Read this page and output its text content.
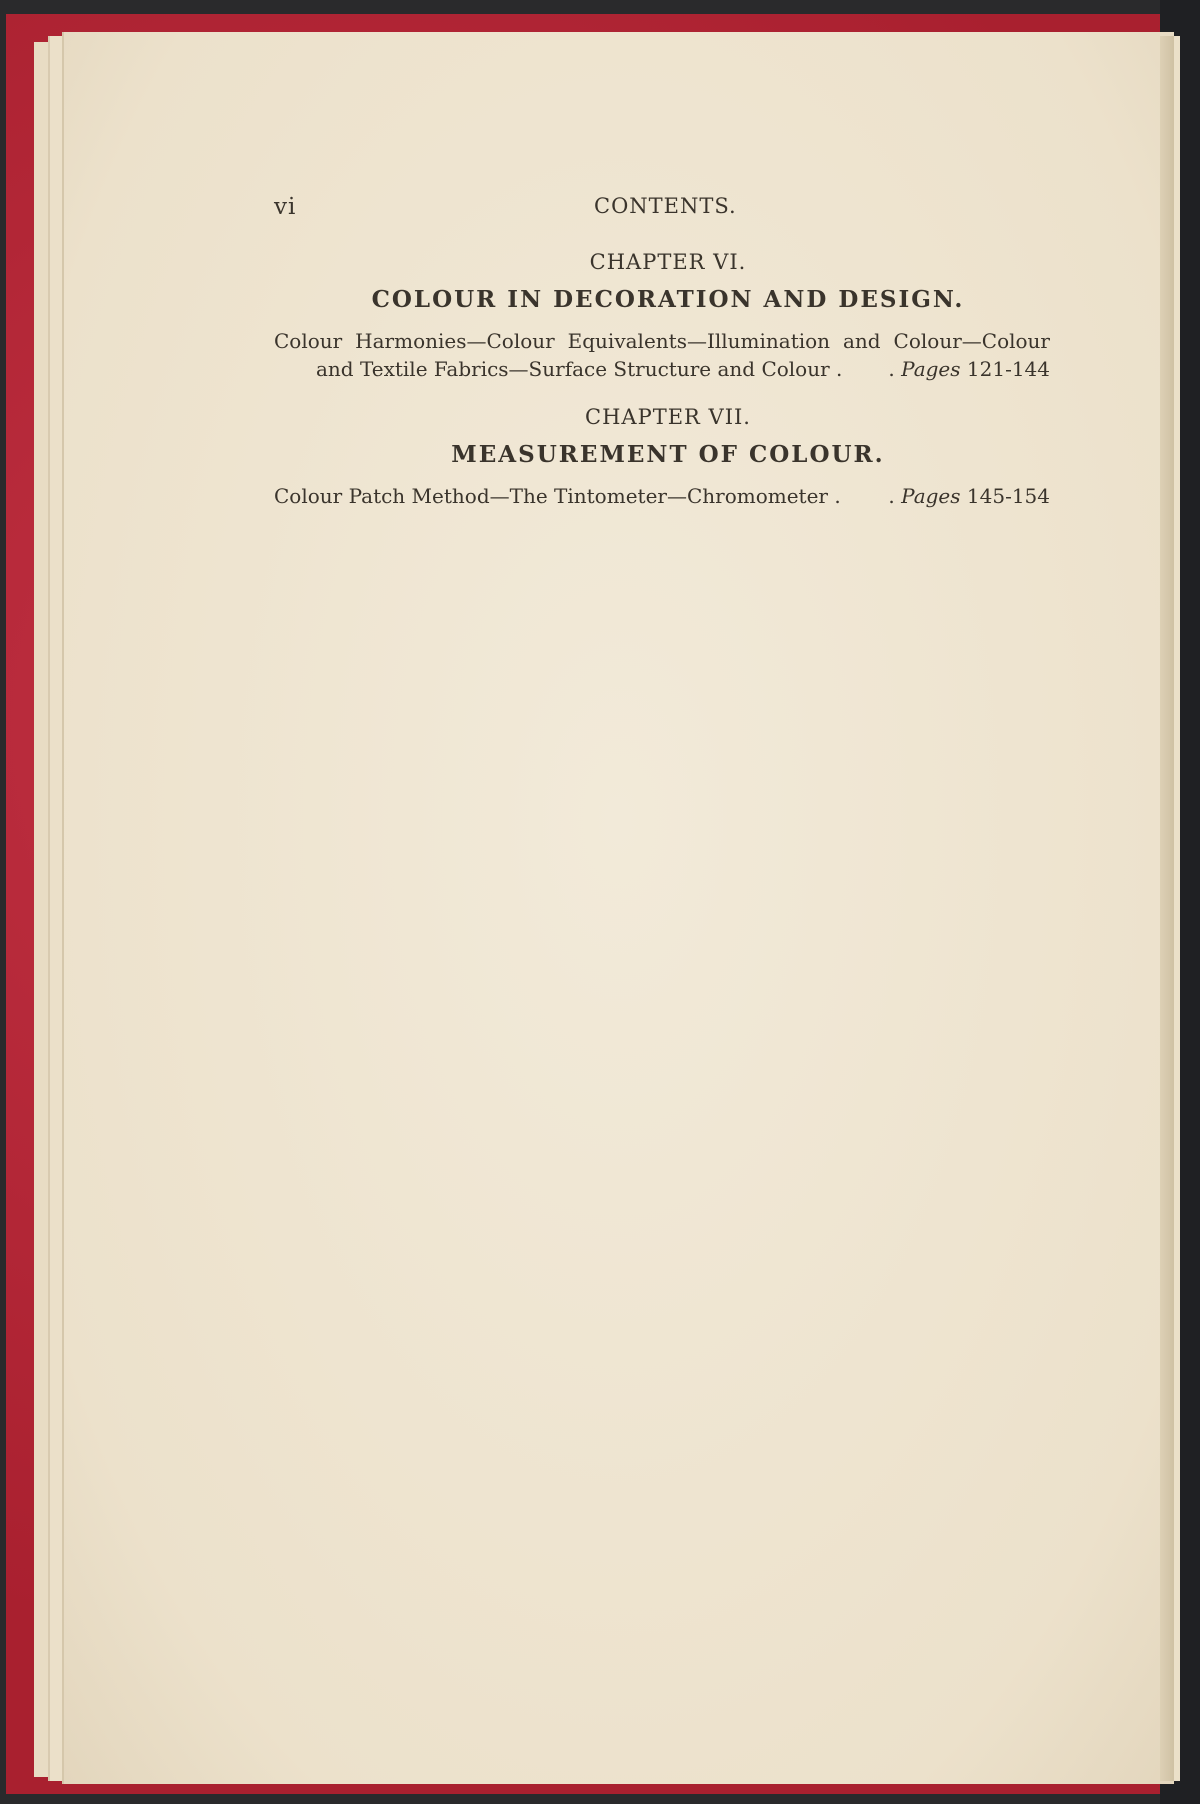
vi	CONTENTS.
CHAPTER VI.
COLOUR IN DECORATION AND DESIGN.
Colour Harmonies—Colour Equivalents—Illumination and Colour—Colour
and Textile Fabrics—Surface Structure and Colour . . Pages 121-144
CHAPTER VII.
MEASUREMENT OF COLOUR.
Colour Patch Method—The Tintometer—Chromometer . . Pages 145-154
